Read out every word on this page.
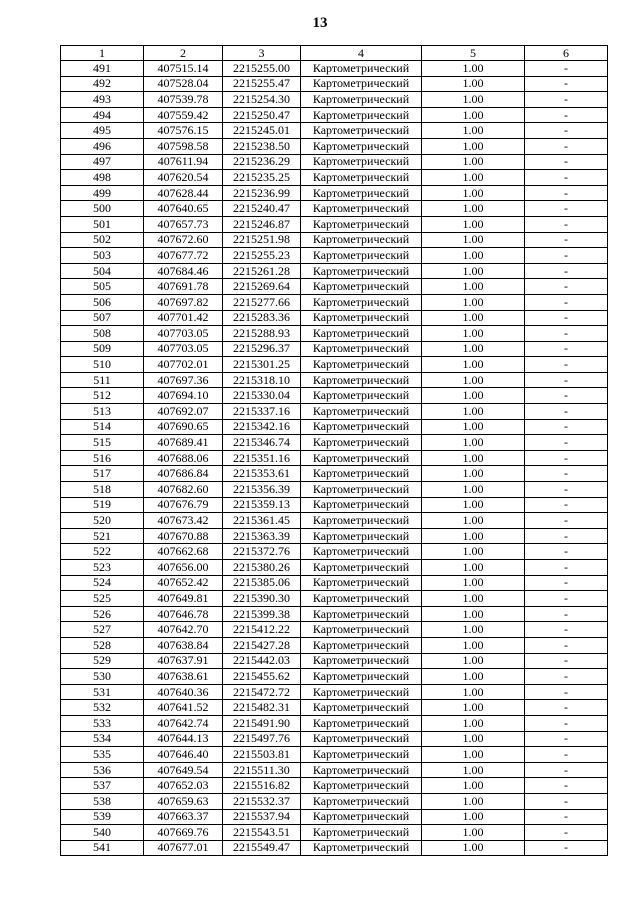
13
1	2	3	4	5	6
491	407515.14	2215255.00	Картометрический	1.00	-
492	407528.04	2215255.47	Картометрический	1.00	-
493	407539.78	2215254.30	Картометрический	1.00	-
494	407559.42	2215250.47	Картометрический	1.00	-
495	407576.15	2215245.01	Картометрический	1.00	-
496	407598.58	2215238.50	Картометрический	1.00	-
497	407611.94	2215236.29	Картометрический	1.00	-
498	407620.54	2215235.25	Картометрический	1.00	-
499	407628.44	2215236.99	Картометрический	1.00	-
500	407640.65	2215240.47	Картометрический	1.00	-
501	407657.73	2215246.87	Картометрический	1.00	-
502	407672.60	2215251.98	Картометрический	1.00	-
503	407677.72	2215255.23	Картометрический	1.00	-
504	407684.46	2215261.28	Картометрический	1.00	-
505	407691.78	2215269.64	Картометрический	1.00	-
506	407697.82	2215277.66	Картометрический	1.00	-
507	407701.42	2215283.36	Картометрический	1.00	-
508	407703.05	2215288.93	Картометрический	1.00	-
509	407703.05	2215296.37	Картометрический	1.00	-
510	407702.01	2215301.25	Картометрический	1.00	-
511	407697.36	2215318.10	Картометрический	1.00	-
512	407694.10	2215330.04	Картометрический	1.00	-
513	407692.07	2215337.16	Картометрический	1.00	-
514	407690.65	2215342.16	Картометрический	1.00	-
515	407689.41	2215346.74	Картометрический	1.00	-
516	407688.06	2215351.16	Картометрический	1.00	-
517	407686.84	2215353.61	Картометрический	1.00	-
518	407682.60	2215356.39	Картометрический	1.00	-
519	407676.79	2215359.13	Картометрический	1.00	-
520	407673.42	2215361.45	Картометрический	1.00	-
521	407670.88	2215363.39	Картометрический	1.00	-
522	407662.68	2215372.76	Картометрический	1.00	-
523	407656.00	2215380.26	Картометрический	1.00	-
524	407652.42	2215385.06	Картометрический	1.00	-
525	407649.81	2215390.30	Картометрический	1.00	-
526	407646.78	2215399.38	Картометрический	1.00	-
527	407642.70	2215412.22	Картометрический	1.00	-
528	407638.84	2215427.28	Картометрический	1.00	-
529	407637.91	2215442.03	Картометрический	1.00	-
530	407638.61	2215455.62	Картометрический	1.00	-
531	407640.36	2215472.72	Картометрический	1.00	-
532	407641.52	2215482.31	Картометрический	1.00	-
533	407642.74	2215491.90	Картометрический	1.00	-
534	407644.13	2215497.76	Картометрический	1.00	-
535	407646.40	2215503.81	Картометрический	1.00	-
536	407649.54	2215511.30	Картометрический	1.00	-
537	407652.03	2215516.82	Картометрический	1.00	-
538	407659.63	2215532.37	Картометрический	1.00	-
539	407663.37	2215537.94	Картометрический	1.00	-
540	407669.76	2215543.51	Картометрический	1.00	-
541	407677.01	2215549.47	Картометрический	1.00	-
